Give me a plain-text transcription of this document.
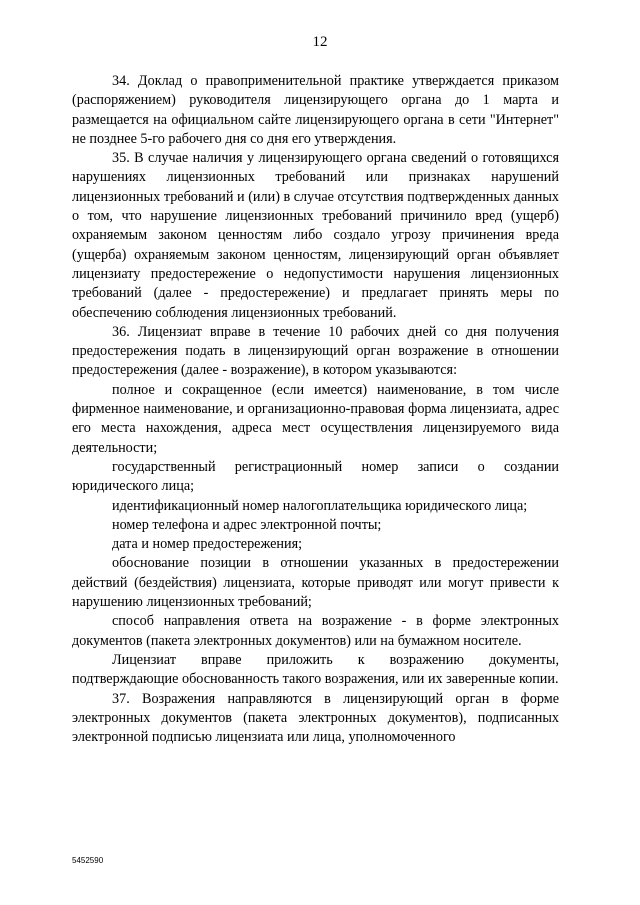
12

34. Доклад о правоприменительной практике утверждается приказом (распоряжением) руководителя лицензирующего органа до 1 марта и размещается на официальном сайте лицензирующего органа в сети "Интернет" не позднее 5-го рабочего дня со дня его утверждения.

35. В случае наличия у лицензирующего органа сведений о готовящихся нарушениях лицензионных требований или признаках нарушений лицензионных требований и (или) в случае отсутствия подтвержденных данных о том, что нарушение лицензионных требований причинило вред (ущерб) охраняемым законом ценностям либо создало угрозу причинения вреда (ущерба) охраняемым законом ценностям, лицензирующий орган объявляет лицензиату предостережение о недопустимости нарушения лицензионных требований (далее - предостережение) и предлагает принять меры по обеспечению соблюдения лицензионных требований.

36. Лицензиат вправе в течение 10 рабочих дней со дня получения предостережения подать в лицензирующий орган возражение в отношении предостережения (далее - возражение), в котором указываются:

полное и сокращенное (если имеется) наименование, в том числе фирменное наименование, и организационно-правовая форма лицензиата, адрес его места нахождения, адреса мест осуществления лицензируемого вида деятельности;

государственный регистрационный номер записи о создании юридического лица;

идентификационный номер налогоплательщика юридического лица;

номер телефона и адрес электронной почты;

дата и номер предостережения;

обоснование позиции в отношении указанных в предостережении действий (бездействия) лицензиата, которые приводят или могут привести к нарушению лицензионных требований;

способ направления ответа на возражение - в форме электронных документов (пакета электронных документов) или на бумажном носителе.

Лицензиат вправе приложить к возражению документы, подтверждающие обоснованность такого возражения, или их заверенные копии.

37. Возражения направляются в лицензирующий орган в форме электронных документов (пакета электронных документов), подписанных электронной подписью лицензиата или лица, уполномоченного

5452590
